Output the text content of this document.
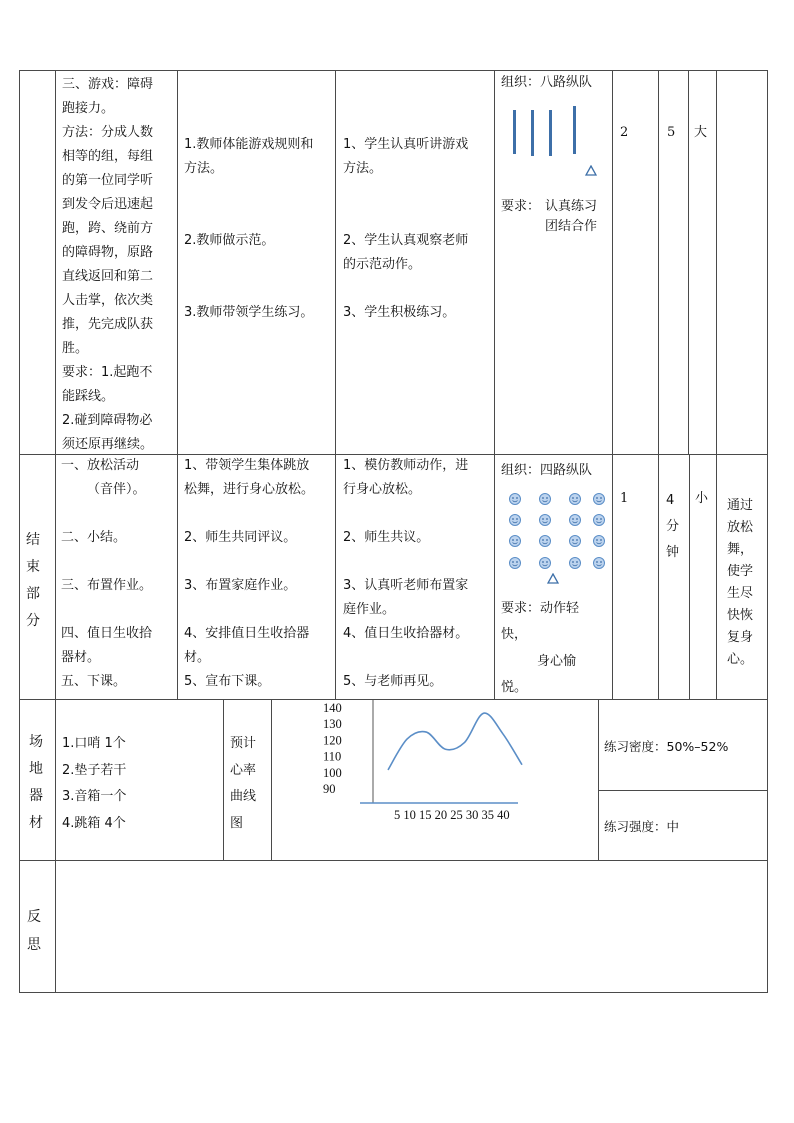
三、游戏：障碍
跑接力。
方法：分成人数
相等的组，每组
的第一位同学听
到发令后迅速起
跑，跨、绕前方
的障碍物，原路
直线返回和第二
人击掌，依次类
推，先完成队获
胜。
要求：1.起跑不
能踩线。
2.碰到障碍物必
须还原再继续。
1.教师体能游戏规则和
方法。

2.教师做示范。

3.教师带领学生练习。
1、学生认真听讲游戏
方法。

2、学生认真观察老师
的示范动作。

3、学生积极练习。
组织：八路纵队
要求： 认真练习
团结合作
2	5 大
结
束
部
分
一、放松活动
（音伴）。

二、小结。

三、布置作业。

四、值日生收拾
器材。
五、下课。
1、带领学生集体跳放
松舞，进行身心放松。

2、师生共同评议。

3、布置家庭作业。

4、安排值日生收拾器
材。
5、宣布下课。
1、模仿教师动作，进
行身心放松。

2、师生共议。

3、认真听老师布置家
庭作业。
4、值日生收拾器材。

5、与老师再见。
组织：四路纵队
要求：动作轻
快，
身心愉
悦。
1	4
分
钟
小 通过
放松
舞，
使学
生尽
快恢
复身
心。
场
地
器
材
1.口哨 1个
2.垫子若干
3.音箱一个
4.跳箱 4个
预计
心率
曲线
图
140
130
120
110
100
90
5 10 15 20 25 30 35 40
练习密度：50%–52%
练习强度：中
反
思
